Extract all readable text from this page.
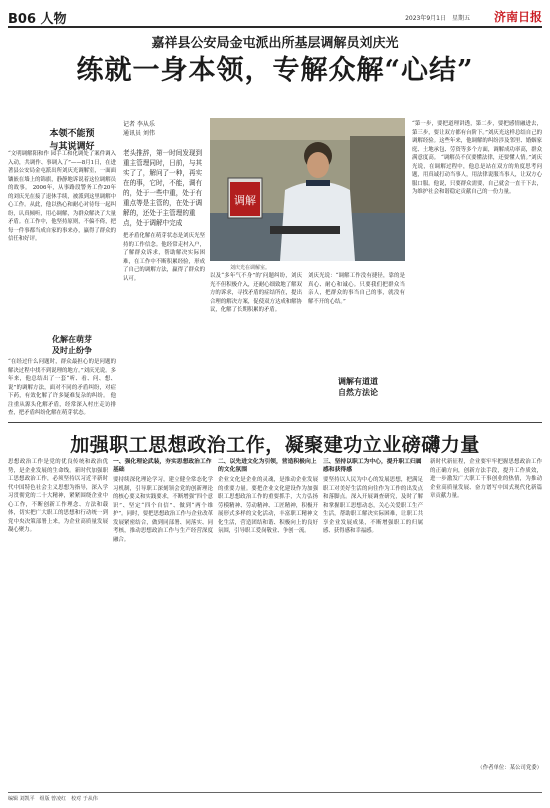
B06 人物	2023年9月1日　星期五 济南日报
嘉祥县公安局金屯派出所基层调解员刘庆光
练就一身本领，专解众解“心结”
本领不能预
与其说调好
“文明调解阳和作 园手工和化调处了案件调入入动，共调作、事调入了”——8月1日，在进著县公安局金屯派出所刘庆光调解室，一面面镶嵌在墙上的锦旗，静静地诉说着这位调解员的故事。 2006年，从事路段警务工作20年的刘庆光在接了退休手续，被派到这里调解中心工作。从此，他以热心和耐心对待每一起纠纷，认真倾听，用心调解，为群众解决了大量矛盾。在工作中，他坚持原则，不偏不倚，把每一件事都当成自家的事来办，赢得了群众的信任和好评。
化解在萌芽
及时止纷争
“在经过什么问题时，群众最担心的是问题的解决过程中找不到说理的地方。”刘庆光说。多年来，他总结出了一套“听、看、问、想、说”的调解方法，面对不同的矛盾纠纷，对症下药，有效化解了许多疑难复杂的纠纷。 他注重从源头化解矛盾，经常深入村庄走访排查，把矛盾纠纷化解在萌芽状态。
记者 李从乐
通讯员 刘伟
老头推辞，第一时间发现到重主管理同时，日前，与其实了了，解问了一种，再实在的事，它时，不能，调有的，处于一些中重，处于有重点等是主管的，在处于调解的，还处于主管理的重点，处于调解中完成
调解
刘庆光在调解室。
把矛盾化解在萌芽状态是刘庆光坚持的工作信念。他经常走村入户，了解群众诉求，帮助解决实际困难，在工作中不断积累经验，形成了自己的调解方法，赢得了群众的认可。	以及“多年气不身”的‘问题纠纷，刘庆光不但积极介入，还耐心细致地了解双方的诉求，寻找矛盾的症结所在，提出合理的解决方案，促使双方达成和解协议，化解了长期积累的矛盾。
刘庆光说：“调解工作没有捷径，靠的是真心、耐心和诚心。只要我们把群众当亲人，把群众的事当自己的事，就没有解不开的心结。”
调解有道道
自然方法论
“第一步，要把道理讲透，第二步，要把感情融进去，第三步，要让双方都有台阶下。”刘庆光这样总结自己的调解经验。这些年来，他调解的纠纷涉及邻里、婚姻家庭、土地承包、劳资等多个方面，调解成功率高，群众满意度高。 “调解员不仅要懂法律，还要懂人情。”刘庆光说，在调解过程中，他总是站在双方的角度思考问题，用真诚打动当事人，用法律说服当事人，让双方心服口服。他说，只要群众需要，自己就会一直干下去，为维护社会和谐稳定贡献自己的一份力量。
加强职工思想政治工作，凝聚建功立业磅礴力量
思想政治工作是党的优良传统和政治优势，是企业发展的生命线。新时代加强职工思想政治工作，必须坚持以习近平新时代中国特色社会主义思想为指导，深入学习贯彻党的二十大精神，紧紧围绕企业中心工作，不断创新工作理念、方法和载体，切实把广大职工的思想和行动统一到党中央决策部署上来，为企业高质量发展凝心聚力。
一、强化理论武装，夯实思想政治工作基础
要持续深化理论学习，建立健全常态化学习机制，引导职工深刻领会党的创新理论的核心要义和实践要求，不断增强“四个意识”、坚定“四个自信”、做到“两个维护”。同时，要把思想政治工作与企业改革发展紧密结合，做到同部署、同落实、同考核，推动思想政治工作与生产经营深度融合。
二、以先进文化为引领，营造积极向上的文化氛围
企业文化是企业的灵魂，是推动企业发展的重要力量。要把企业文化建设作为加强职工思想政治工作的重要抓手，大力弘扬劳模精神、劳动精神、工匠精神，积极开展形式多样的文化活动，丰富职工精神文化生活，营造团结和谐、积极向上的良好氛围，引导职工爱岗敬业、争创一流。
三、坚持以职工为中心，提升职工归属感和获得感
要坚持以人民为中心的发展思想，把满足职工对美好生活的向往作为工作的出发点和落脚点。深入开展调查研究，及时了解和掌握职工思想动态，关心关爱职工生产生活，帮助职工解决实际困难，让职工共享企业发展成果，不断增强职工的归属感、获得感和幸福感。
新时代新征程，企业要牢牢把握思想政治工作的正确方向，创新方法手段，提升工作质效，进一步激发广大职工干事创业的热情，为推动企业高质量发展、奋力谱写中国式现代化新篇章贡献力量。
（作者单位：某公司党委）
编辑 刘凯平　组版 曾凌红　校对 于从伟
